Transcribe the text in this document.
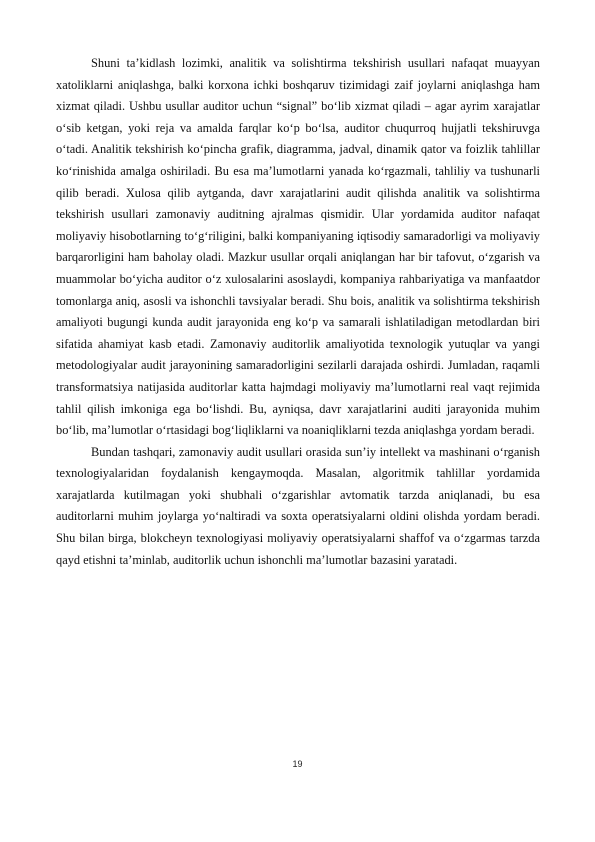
Shuni ta’kidlash lozimki, analitik va solishtirma tekshirish usullari nafaqat muayyan xatoliklarni aniqlashga, balki korxona ichki boshqaruv tizimidagi zaif joylarni aniqlashga ham xizmat qiladi. Ushbu usullar auditor uchun “signal” bo‘lib xizmat qiladi – agar ayrim xarajatlar o‘sib ketgan, yoki reja va amalda farqlar ko‘p bo‘lsa, auditor chuqurroq hujjatli tekshiruvga o‘tadi. Analitik tekshirish ko‘pincha grafik, diagramma, jadval, dinamik qator va foizlik tahlillar ko‘rinishida amalga oshiriladi. Bu esa ma’lumotlarni yanada ko‘rgazmali, tahliliy va tushunarli qilib beradi. Xulosa qilib aytganda, davr xarajatlarini audit qilishda analitik va solishtirma tekshirish usullari zamonaviy auditning ajralmas qismidir. Ular yordamida auditor nafaqat moliyaviy hisobotlarning to‘g‘riligini, balki kompaniyaning iqtisodiy samaradorligi va moliyaviy barqarorligini ham baholay oladi. Mazkur usullar orqali aniqlangan har bir tafovut, o‘zgarish va muammolar bo‘yicha auditor o‘z xulosalarini asoslaydi, kompaniya rahbariyatiga va manfaatdor tomonlarga aniq, asosli va ishonchli tavsiyalar beradi. Shu bois, analitik va solishtirma tekshirish amaliyoti bugungi kunda audit jarayonida eng ko‘p va samarali ishlatiladigan metodlardan biri sifatida ahamiyat kasb etadi. Zamonaviy auditorlik amaliyotida texnologik yutuqlar va yangi metodologiyalar audit jarayonining samaradorligini sezilarli darajada oshirdi. Jumladan, raqamli transformatsiya natijasida auditorlar katta hajmdagi moliyaviy ma’lumotlarni real vaqt rejimida tahlil qilish imkoniga ega bo‘lishdi. Bu, ayniqsa, davr xarajatlarini auditi jarayonida muhim bo‘lib, ma’lumotlar o‘rtasidagi bog‘liqliklarni va noaniqliklarni tezda aniqlashga yordam beradi.

Bundan tashqari, zamonaviy audit usullari orasida sun’iy intellekt va mashinani o‘rganish texnologiyalaridan foydalanish kengaymoqda. Masalan, algoritmik tahlillar yordamida xarajatlarda kutilmagan yoki shubhali o‘zgarishlar avtomatik tarzda aniqlanadi, bu esa auditorlarni muhim joylarga yo‘naltiradi va soxta operatsiyalarni oldini olishda yordam beradi. Shu bilan birga, blokcheyn texnologiyasi moliyaviy operatsiyalarni shaffof va o‘zgarmas tarzda qayd etishni ta’minlab, auditorlik uchun ishonchli ma’lumotlar bazasini yaratadi.

19
